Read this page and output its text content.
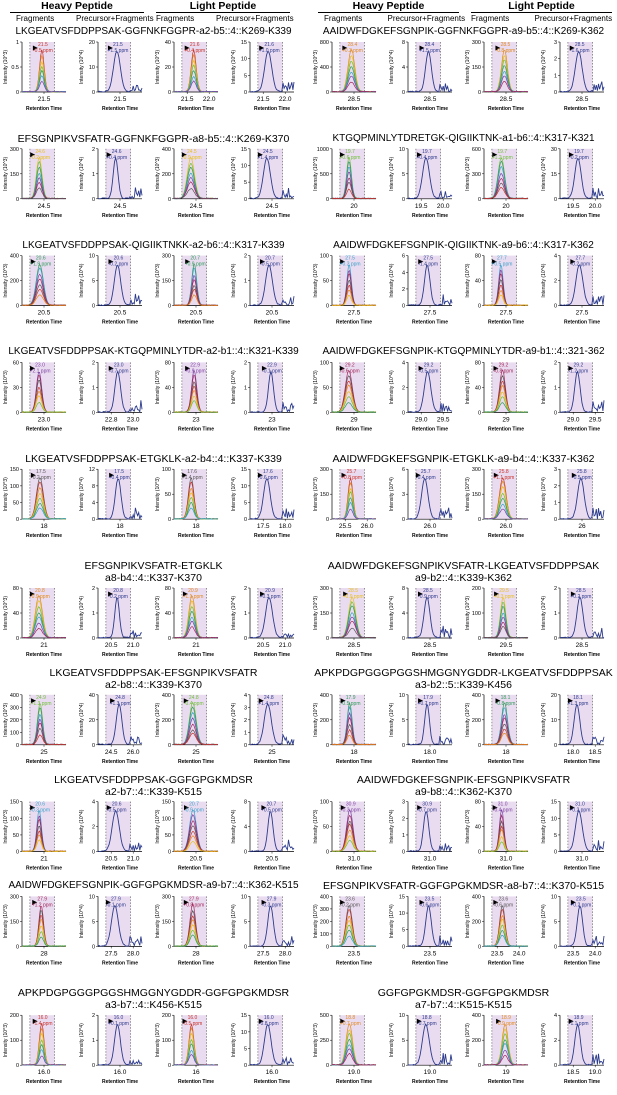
Heavy Peptide	Light Peptide
Fragments	Precursor+Fragments Fragments	Precursor+Fragments
Heavy Peptide	Light Peptide
Fragments	Precursor+Fragments Fragments	Precursor+Fragments
1
0.5
0
Intensity (10^3)
21.5
Retention Time
21.5
-0.5 ppm
20
10
0
Intensity (10^4)
21.5
Retention Time
21.5
+1.5 ppm
40
20
0
Intensity (10^3)
21.5 22.0
Retention Time
21.6
+0.4 ppm
15
10
5
0
Intensity (10^4)
21.5 22.0
Retention Time
21.6
+1.0 ppm
800
400
0
Intensity (10^3)
28.5
Retention Time
28.4
+0.3 ppm
8
4
0
Intensity (10^4)
28.5
Retention Time
28.4
+1.5 ppm
300
150
0
Intensity (10^3)
28.5
Retention Time
28.5
-0.8 ppm
3
2
1
0
Intensity (10^4)
28.5
Retention Time
28.5
-1.6 ppm
300
150
0
Intensity (10^3)
24.5
Retention Time
24.6
-0.2 ppm
2
1
0
Intensity (10^4)
24.5
Retention Time
24.6
+0.4 ppm
400
200
0
Intensity (10^3)
24.5
Retention Time
24.5
-0.9 ppm
15
10
5
0
Intensity (10^4)
24.5
Retention Time
24.5
+1.4 ppm
1000
500
0
Intensity (10^3)
20
Retention Time
19.7
+0.6 ppm
10
5
0
Intensity (10^4)
19.5 20.0
Retention Time
19.7
+0.4 ppm
600
300
0
Intensity (10^3)
20
Retention Time
19.7
+1.2 ppm
30
15
0
Intensity (10^4)
19.5 20.0
Retention Time
19.7
-0.2 ppm
400
200
0
Intensity (10^3)
20.5
Retention Time
20.6
+1.9 ppm
10
5
0
Intensity (10^4)
20.5
Retention Time
20.6
-0.2 ppm
300
150
0
Intensity (10^3)
20.5
Retention Time
20.7
+0.9 ppm
2
1
0
Intensity (10^4)
20.5
Retention Time
20.7
-0.5 ppm
100
50
0
Intensity (10^3)
27.5
Retention Time
27.5
+0.3 ppm
6
4
2
0
Intensity (10^4)
27.5
Retention Time
27.5
-1.4 ppm
80
40
0
Intensity (10^3)
27.5
Retention Time
27.7
+0.5 ppm
4
2
0
Intensity (10^4)
27.5
Retention Time
27.7
-0.2 ppm
60
30
0
Intensity (10^3)
23.0
Retention Time
23.0
+2.1 ppm
2
1
0
Intensity (10^4)
22.8 23.0
Retention Time
23.0
-0.7 ppm
80
40
0
Intensity (10^3)
23
Retention Time
22.9
+0.9 ppm
2
1
0
Intensity (10^4)
23
Retention Time
22.9
-0.1 ppm
100
50
0
Intensity (10^3)
29
Retention Time
29.2
-0.6 ppm
4
2
0
Intensity (10^4)
29.0 29.5
Retention Time
29.2
-0.5 ppm
80
40
0
Intensity (10^3)
29
Retention Time
29.2
-0.8 ppm
2
1
0
Intensity (10^4)
29.0 29.5
Retention Time
29.2
-1.2 ppm
150
100
50
0
Intensity (10^3)
18
Retention Time
17.5
-0.2 ppm
12
8
4
0
Intensity (10^4)
18
Retention Time
17.5
+0.4 ppm
100
50
0
Intensity (10^3)
18
Retention Time
17.6
+1.4 ppm
15
10
5
0
Intensity (10^4)
17.5 18.0
Retention Time
17.6
-0.6 ppm
300
150
0
Intensity (10^3)
25.5 26.0
Retention Time
25.7
+0.8 ppm
6
3
0
Intensity (10^4)
26.0
Retention Time
25.7
-0.4 ppm
300
150
0
Intensity (10^3)
26.0
Retention Time
25.8
+1.1 ppm
3
2
1
0
Intensity (10^4)
26
Retention Time
25.8
-0.5 ppm
80
40
0
Intensity (10^3)
21
Retention Time
20.8
-0.9 ppm
2
1
0
Intensity (10^4)
20.5 21.0
Retention Time
20.8
-0.2 ppm
80
40
0
Intensity (10^3)
21
Retention Time
20.9
+1.1 ppm
2
1
0
Intensity (10^4)
20.5 21.0
Retention Time
20.9
+0.3 ppm
300
150
0
Intensity (10^3)
28.5
Retention Time
28.5
+0.9 ppm
8
4
0
Intensity (10^4)
28.5
Retention Time
28.5
-0.9 ppm
200
100
0
Intensity (10^3)
29.5
Retention Time
29.5
+0.3 ppm
2
1
0
Intensity (10^4)
28.5
Retention Time
28.5
+0.2 ppm
400
300
200
100
0
Intensity (10^3)
25
Retention Time
24.9
+1.3 ppm
40
20
0
Intensity (10^4)
24.5 26.0
Retention Time
24.8
+1.3 ppm
400
200
0
Intensity (10^3)
25
Retention Time
24.8
-0.4 ppm
4
3
2
1
0
Intensity (10^4)
25
Retention Time
24.8
+1.4 ppm
400
200
0
Intensity (10^3)
18
Retention Time
17.9
-0.5 ppm
10
5
0
Intensity (10^4)
18.0
Retention Time
17.9
+0.7 ppm
400
200
0
Intensity (10^3)
18
Retention Time
18.1
-0.8 ppm
20
10
0
Intensity (10^4)
18.0 18.5
Retention Time
18.1
+1.3 ppm
150
100
50
0
Intensity (10^3)
21
Retention Time
20.6
-0.3 ppm
4
2
0
Intensity (10^4)
20.5 21.0
Retention Time
20.6
-0.5 ppm
150
100
50
0
Intensity (10^3)
20.5
Retention Time
20.7
-0.9 ppm
8
4
0
Intensity (10^4)
20.5
Retention Time
20.7
+0.5 ppm
100
50
0
Intensity (10^3)
31.0
Retention Time
30.9
-0.3 ppm
3
2
1
0
Intensity (10^4)
31.0
Retention Time
30.9
-0.7 ppm
80
40
0
Intensity (10^3)
31.0
Retention Time
31.0
-0.4 ppm
15
10
5
0
Intensity (10^4)
31.0
Retention Time
31.0
+0.2 ppm
300
150
0
Intensity (10^3)
28
Retention Time
27.9
+1.2 ppm
10
5
0
Intensity (10^4)
27.5 28.0
Retention Time
27.9
-0.1 ppm
300
150
0
Intensity (10^3)
28
Retention Time
27.9
+0.8 ppm
10
5
0
Intensity (10^4)
27.5 28.0
Retention Time
27.9
-0.3 ppm
400
300
200
100
0
Intensity (10^3)
23.5
Retention Time
23.6
-0.2 ppm
15
10
5
0
Intensity (10^4)
23.5
Retention Time
23.5
-0.6 ppm
400
200
0
Intensity (10^3)
23.5 24.0
Retention Time
23.6
-0.6 ppm
10
5
0
Intensity (10^4)
23.5 24.0
Retention Time
23.5
+0.2 ppm
200
100
0
Intensity (10^3)
16.0
Retention Time
16.0
-1.4 ppm
2
1
0
Intensity (10^4)
16.0
Retention Time
16.0
+0.1 ppm
200
100
0
Intensity (10^3)
16
Retention Time
16.0
-0.5 ppm
15
10
5
0
Intensity (10^4)
16.0
Retention Time
16.0
-0.8 ppm
500
250
0
Intensity (10^3)
19.0
Retention Time
18.8
+0.7 ppm
10
5
0
Intensity (10^4)
19.0
Retention Time
18.8
-0.7 ppm
400
200
0
Intensity (10^3)
19
Retention Time
18.9
-0.9 ppm
4
2
0
Intensity (10^4)
18.5 19.0
Retention Time
18.9
-1.1 ppm
LKGEATVSFDDPPSAK-GGFNKFGGPR-a2-b5::4::K269-K339	AAIDWFDGKEFSGNPIK-GGFNKFGGPR-a9-b5::4::K269-K362
EFSGNPIKVSFATR-GGFNKFGGPR-a8-b5::4::K269-K370	KTGQPMINLYTDRETGK-QIGIIKTNK-a1-b6::4::K317-K321
LKGEATVSFDDPPSAK-QIGIIKTNKK-a2-b6::4::K317-K339	AAIDWFDGKEFSGNPIK-QIGIIKTNK-a9-b6::4::K317-K362
LKGEATVSFDDPPSAK-KTGQPMINLYTDR-a2-b1::4::K321-K339	AAIDWFDGKEFSGNPIK-KTGQPMINLYTDR-a9-b1::4::321-362
LKGEATVSFDDPPSAK-ETGKLK-a2-b4::4::K337-K339	AAIDWFDGKEFSGNPIK-ETGKLK-a9-b4::4::K337-K362
EFSGNPIKVSFATR-ETGKLK
a8-b4::4::K337-K370
AAIDWFDGKEFSGNPIKVSFATR-LKGEATVSFDDPPSAK
a9-b2::4::K339-K362
LKGEATVSFDDPPSAK-EFSGNPIKVSFATR
a2-b8::4::K339-K370
APKPDGPGGGPGGSHMGGNYGDDR-LKGEATVSFDDPPSAK
a3-b2::5::K339-K456
LKGEATVSFDDPPSAK-GGFGPGKMDSR
a2-b7::4::K339-K515
AAIDWFDGKEFSGNPIK-EFSGNPIKVSFATR
a9-b8::4::K362-K370
AAIDWFDGKEFSGNPIK-GGFGPGKMDSR-a9-b7::4::K362-K515	EFSGNPIKVSFATR-GGFGPGKMDSR-a8-b7::4::K370-K515
APKPDGPGGGPGGSHMGGNYGDDR-GGFGPGKMDSR
a3-b7::4::K456-K515
GGFGPGKMDSR-GGFGPGKMDSR
a7-b7::4::K515-K515
